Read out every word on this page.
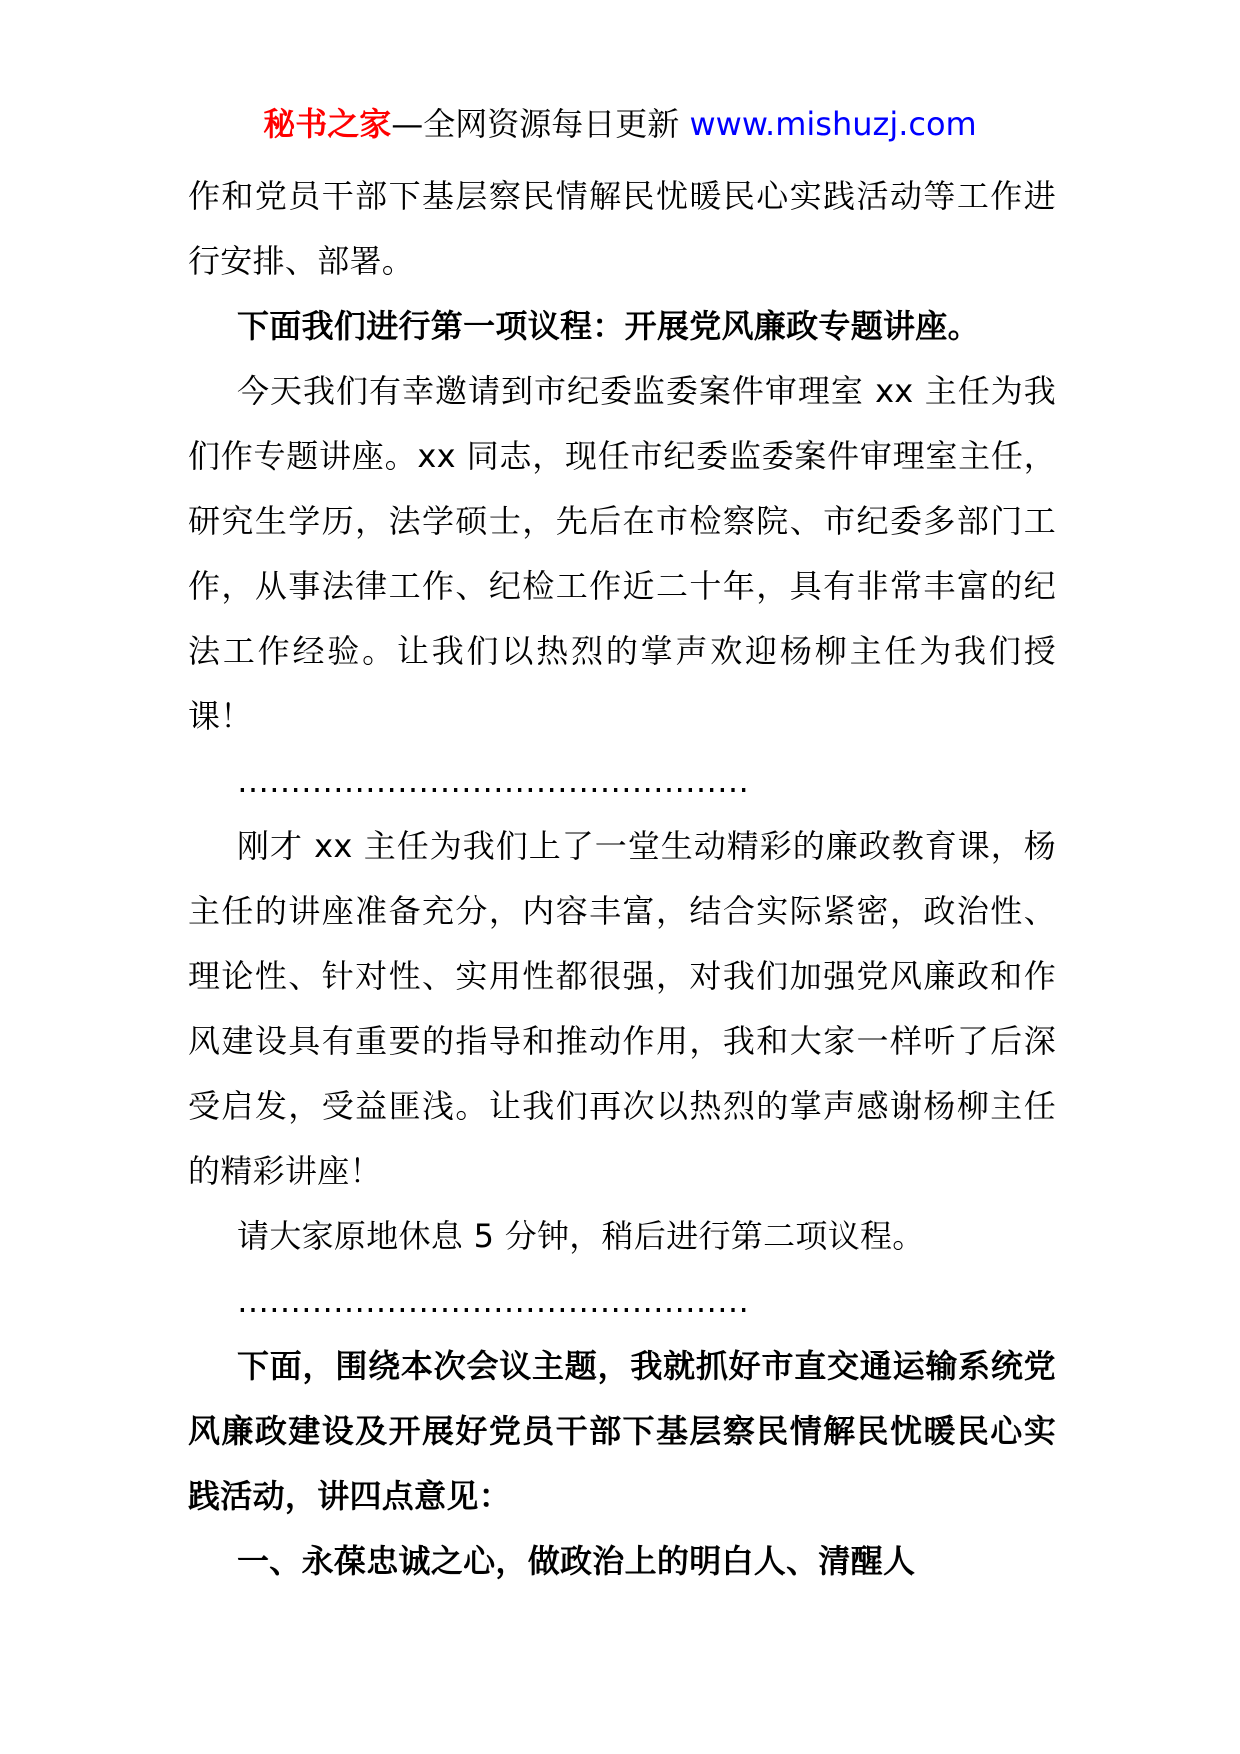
秘书之家—全网资源每日更新 www.mishuzj.com

作和党员干部下基层察民情解民忧暖民心实践活动等工作进行安排、部署。

下面我们进行第一项议程：开展党风廉政专题讲座。

今天我们有幸邀请到市纪委监委案件审理室 xx 主任为我们作专题讲座。xx 同志，现任市纪委监委案件审理室主任，研究生学历，法学硕士，先后在市检察院、市纪委多部门工作，从事法律工作、纪检工作近二十年，具有非常丰富的纪法工作经验。让我们以热烈的掌声欢迎杨柳主任为我们授课！

…………………………………………

刚才 xx 主任为我们上了一堂生动精彩的廉政教育课，杨主任的讲座准备充分，内容丰富，结合实际紧密，政治性、理论性、针对性、实用性都很强，对我们加强党风廉政和作风建设具有重要的指导和推动作用，我和大家一样听了后深受启发，受益匪浅。让我们再次以热烈的掌声感谢杨柳主任的精彩讲座！

请大家原地休息 5 分钟，稍后进行第二项议程。

…………………………………………

下面，围绕本次会议主题，我就抓好市直交通运输系统党风廉政建设及开展好党员干部下基层察民情解民忧暖民心实践活动，讲四点意见：

一、永葆忠诚之心，做政治上的明白人、清醒人
